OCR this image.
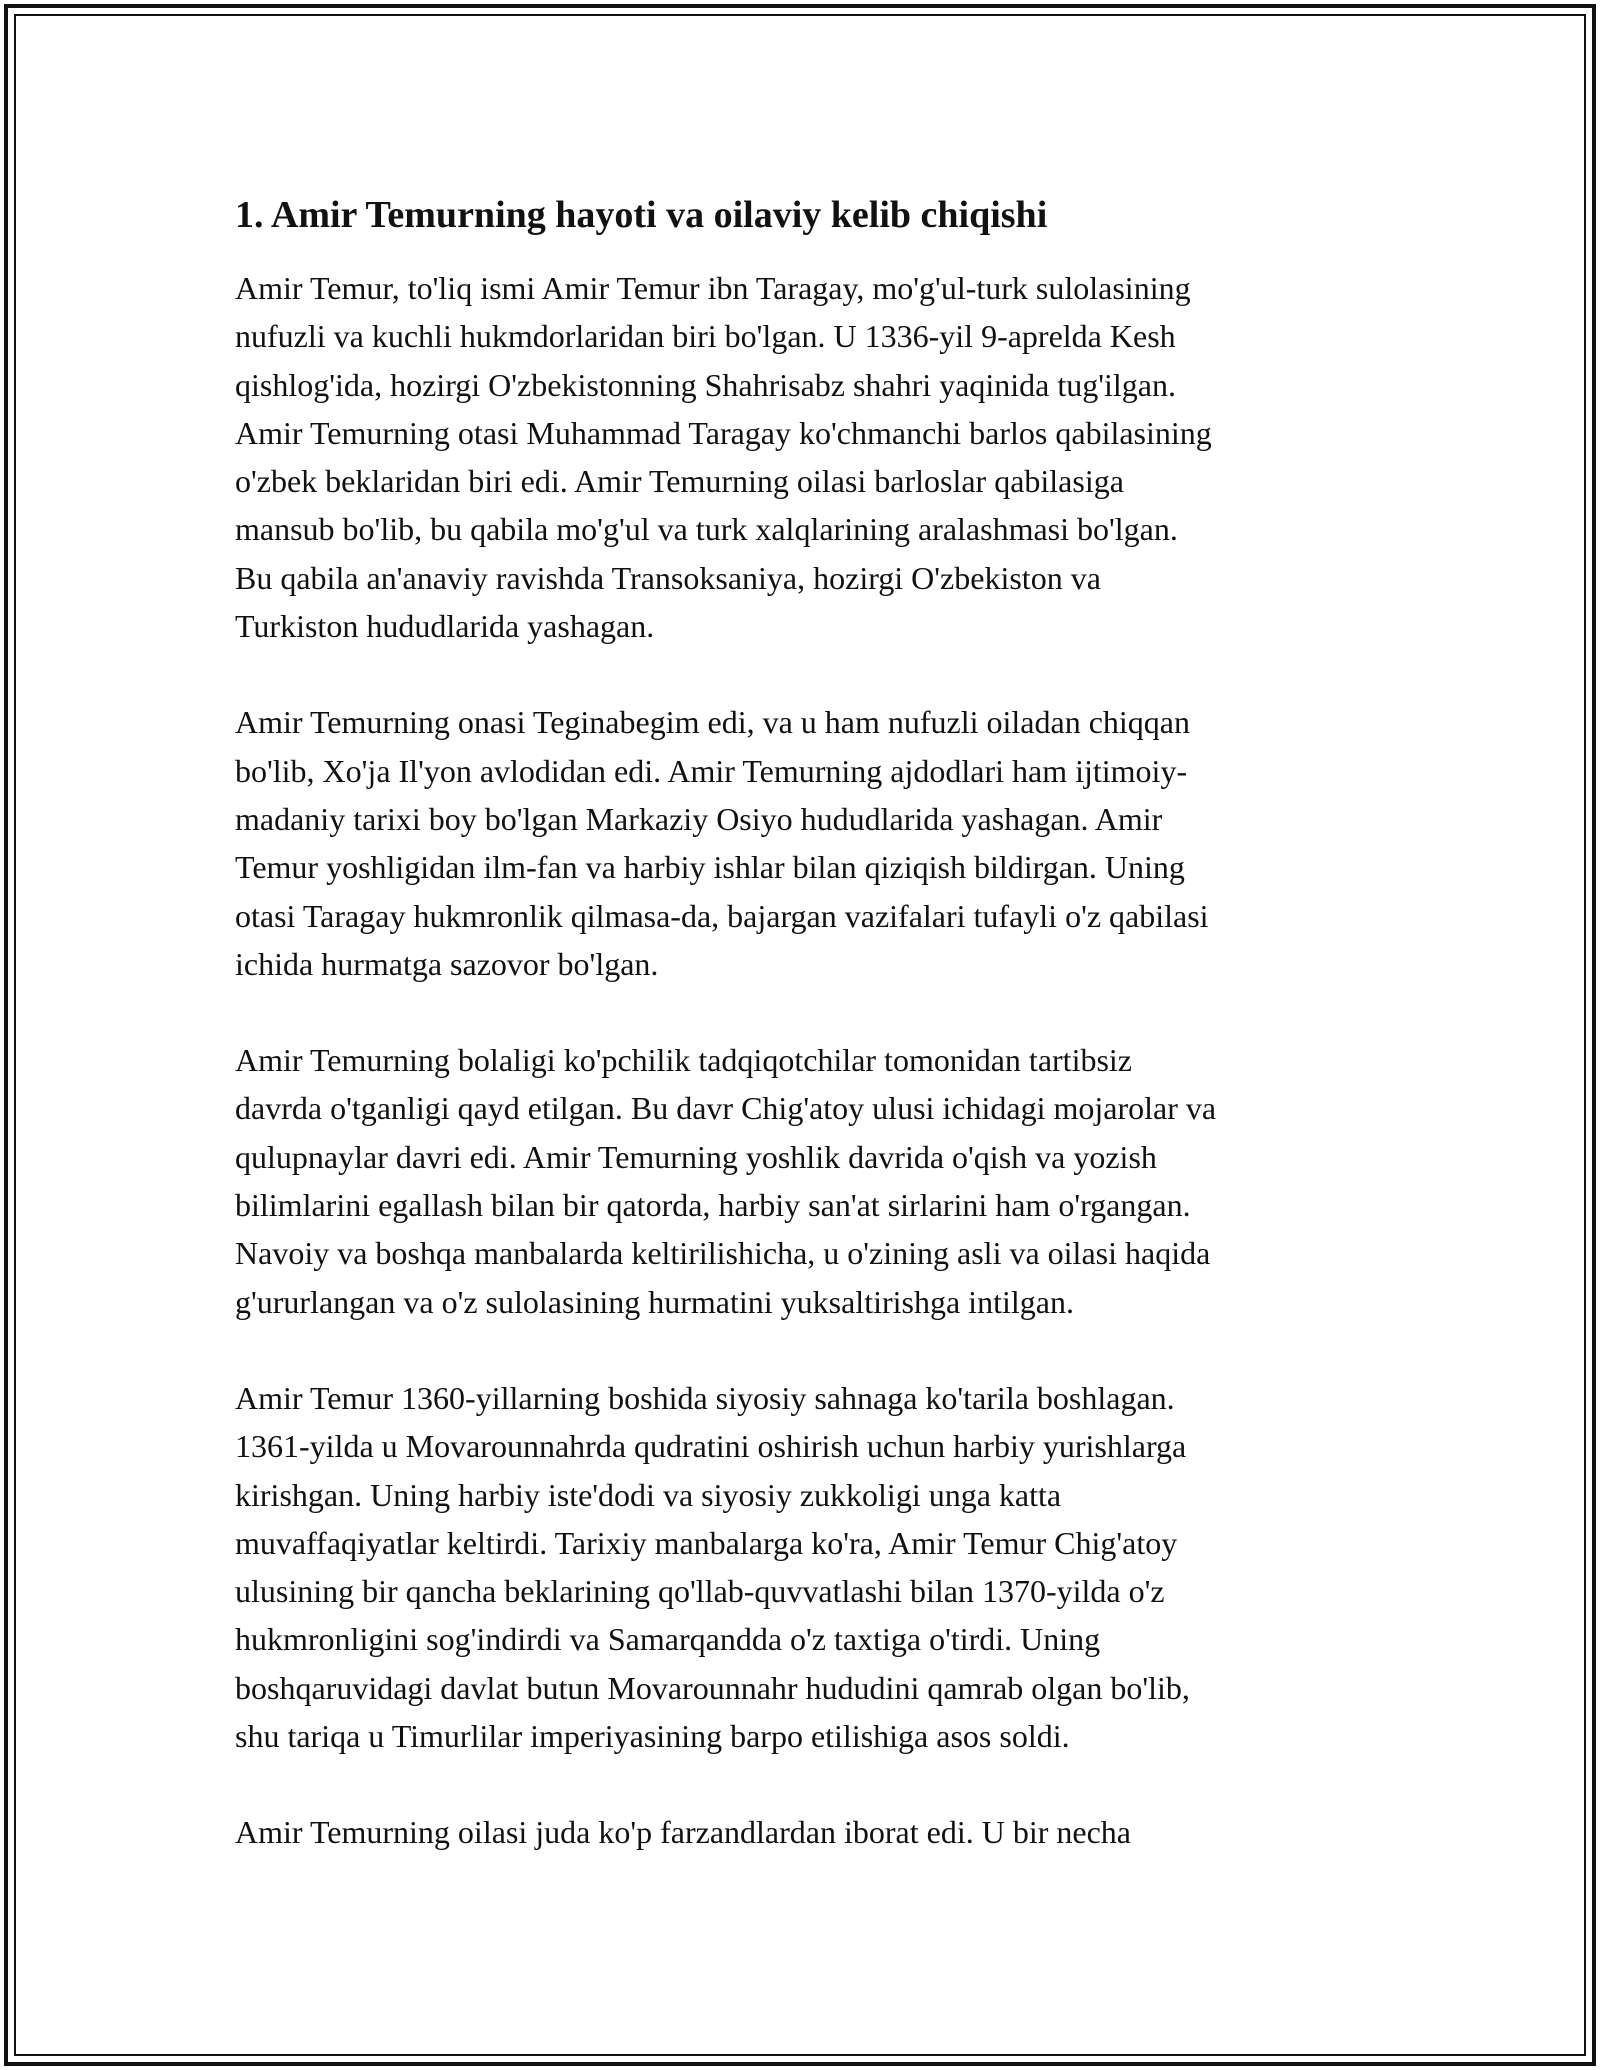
1. Amir Temurning hayoti va oilaviy kelib chiqishi

Amir Temur, to'liq ismi Amir Temur ibn Taragay, mo'g'ul-turk sulolasining
nufuzli va kuchli hukmdorlaridan biri bo'lgan. U 1336-yil 9-aprelda Kesh
qishlog'ida, hozirgi O'zbekistonning Shahrisabz shahri yaqinida tug'ilgan.
Amir Temurning otasi Muhammad Taragay ko'chmanchi barlos qabilasining
o'zbek beklaridan biri edi. Amir Temurning oilasi barloslar qabilasiga
mansub bo'lib, bu qabila mo'g'ul va turk xalqlarining aralashmasi bo'lgan.
Bu qabila an'anaviy ravishda Transoksaniya, hozirgi O'zbekiston va
Turkiston hududlarida yashagan.

Amir Temurning onasi Teginabegim edi, va u ham nufuzli oiladan chiqqan
bo'lib, Xo'ja Il'yon avlodidan edi. Amir Temurning ajdodlari ham ijtimoiy-
madaniy tarixi boy bo'lgan Markaziy Osiyo hududlarida yashagan. Amir
Temur yoshligidan ilm-fan va harbiy ishlar bilan qiziqish bildirgan. Uning
otasi Taragay hukmronlik qilmasa-da, bajargan vazifalari tufayli o'z qabilasi
ichida hurmatga sazovor bo'lgan.

Amir Temurning bolaligi ko'pchilik tadqiqotchilar tomonidan tartibsiz
davrda o'tganligi qayd etilgan. Bu davr Chig'atoy ulusi ichidagi mojarolar va
qulupnaylar davri edi. Amir Temurning yoshlik davrida o'qish va yozish
bilimlarini egallash bilan bir qatorda, harbiy san'at sirlarini ham o'rgangan.
Navoiy va boshqa manbalarda keltirilishicha, u o'zining asli va oilasi haqida
g'ururlangan va o'z sulolasining hurmatini yuksaltirishga intilgan.

Amir Temur 1360-yillarning boshida siyosiy sahnaga ko'tarila boshlagan.
1361-yilda u Movarounnahrda qudratini oshirish uchun harbiy yurishlarga
kirishgan. Uning harbiy iste'dodi va siyosiy zukkoligi unga katta
muvaffaqiyatlar keltirdi. Tarixiy manbalarga ko'ra, Amir Temur Chig'atoy
ulusining bir qancha beklarining qo'llab-quvvatlashi bilan 1370-yilda o'z
hukmronligini sog'indirdi va Samarqandda o'z taxtiga o'tirdi. Uning
boshqaruvidagi davlat butun Movarounnahr hududini qamrab olgan bo'lib,
shu tariqa u Timurlilar imperiyasining barpo etilishiga asos soldi.

Amir Temurning oilasi juda ko'p farzandlardan iborat edi. U bir necha
